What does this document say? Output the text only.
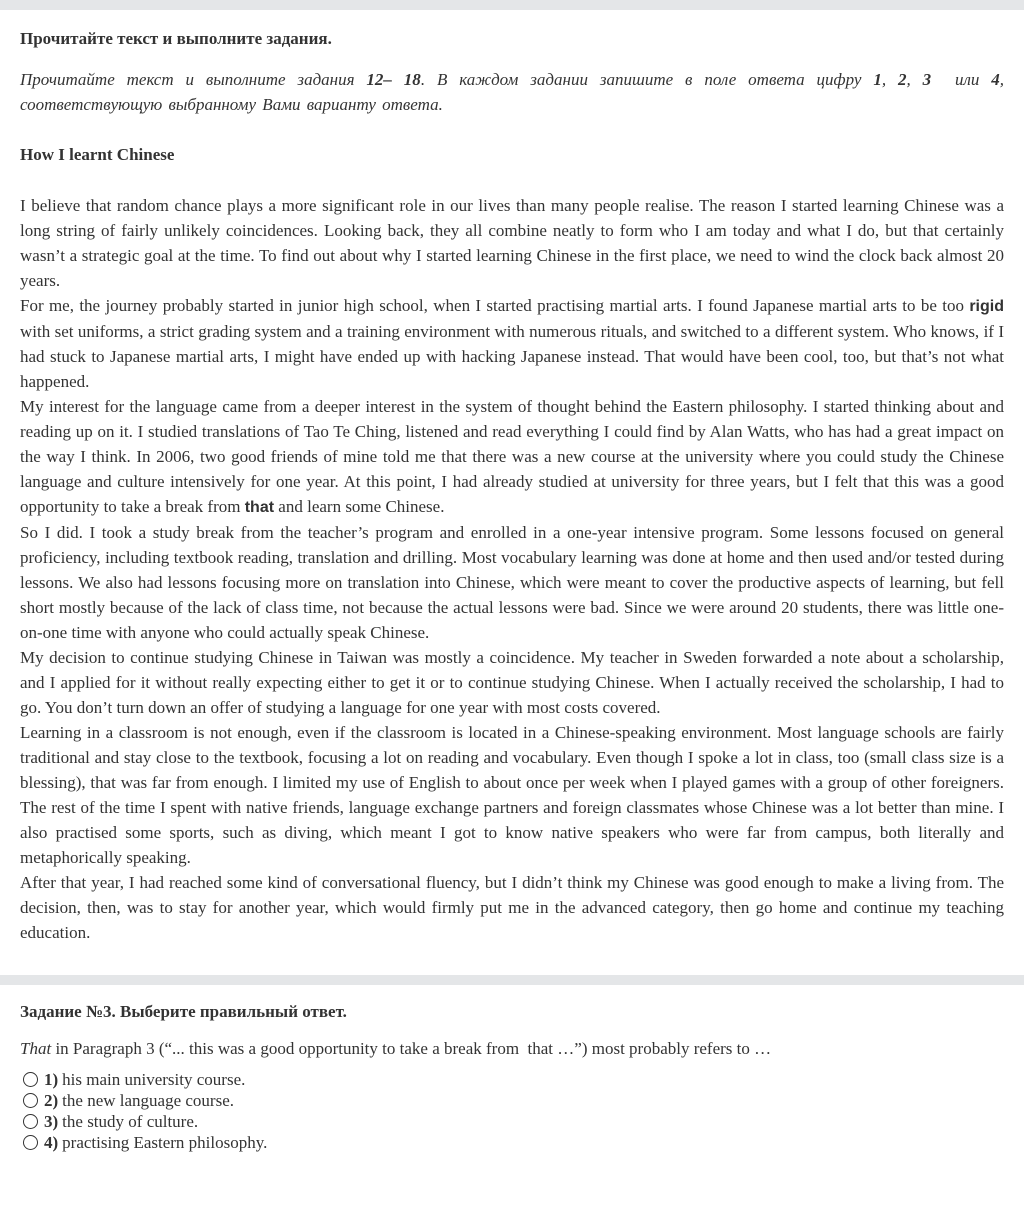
Прочитайте текст и выполните задания.

Прочитайте текст и выполните задания 12– 18. В каждом задании запишите в поле ответа цифру 1, 2, 3  или 4, соответствующую выбранному Вами варианту ответа.

How I learnt Chinese

I believe that random chance plays a more significant role in our lives than many people realise. The reason I started learning Chinese was a long string of fairly unlikely coincidences. Looking back, they all combine neatly to form who I am today and what I do, but that certainly wasn’t a strategic goal at the time. To find out about why I started learning Chinese in the first place, we need to wind the clock back almost 20 years.

For me, the journey probably started in junior high school, when I started practising martial arts. I found Japanese martial arts to be too rigid with set uniforms, a strict grading system and a training environment with numerous rituals, and switched to a different system. Who knows, if I had stuck to Japanese martial arts, I might have ended up with hacking Japanese instead. That would have been cool, too, but that’s not what happened.

My interest for the language came from a deeper interest in the system of thought behind the Eastern philosophy. I started thinking about and reading up on it. I studied translations of Tao Te Ching, listened and read everything I could find by Alan Watts, who has had a great impact on the way I think. In 2006, two good friends of mine told me that there was a new course at the university where you could study the Chinese language and culture intensively for one year. At this point, I had already studied at university for three years, but I felt that this was a good opportunity to take a break from that and learn some Chinese.

So I did. I took a study break from the teacher’s program and enrolled in a one-year intensive program. Some lessons focused on general proficiency, including textbook reading, translation and drilling. Most vocabulary learning was done at home and then used and/or tested during lessons. We also had lessons focusing more on translation into Chinese, which were meant to cover the productive aspects of learning, but fell short mostly because of the lack of class time, not because the actual lessons were bad. Since we were around 20 students, there was little one-on-one time with anyone who could actually speak Chinese.

My decision to continue studying Chinese in Taiwan was mostly a coincidence. My teacher in Sweden forwarded a note about a scholarship, and I applied for it without really expecting either to get it or to continue studying Chinese. When I actually received the scholarship, I had to go. You don’t turn down an offer of studying a language for one year with most costs covered.

Learning in a classroom is not enough, even if the classroom is located in a Chinese-speaking environment. Most language schools are fairly traditional and stay close to the textbook, focusing a lot on reading and vocabulary. Even though I spoke a lot in class, too (small class size is a blessing), that was far from enough. I limited my use of English to about once per week when I played games with a group of other foreigners. The rest of the time I spent with native friends, language exchange partners and foreign classmates whose Chinese was a lot better than mine. I also practised some sports, such as diving, which meant I got to know native speakers who were far from campus, both literally and metaphorically speaking.

After that year, I had reached some kind of conversational fluency, but I didn’t think my Chinese was good enough to make a living from. The decision, then, was to stay for another year, which would firmly put me in the advanced category, then go home and continue my teaching education.

Задание №3. Выберите правильный ответ.

That in Paragraph 3 (“... this was a good opportunity to take a break from  that …”) most probably refers to …

1) his main university course.
2) the new language course.
3) the study of culture.
4) practising Eastern philosophy.
